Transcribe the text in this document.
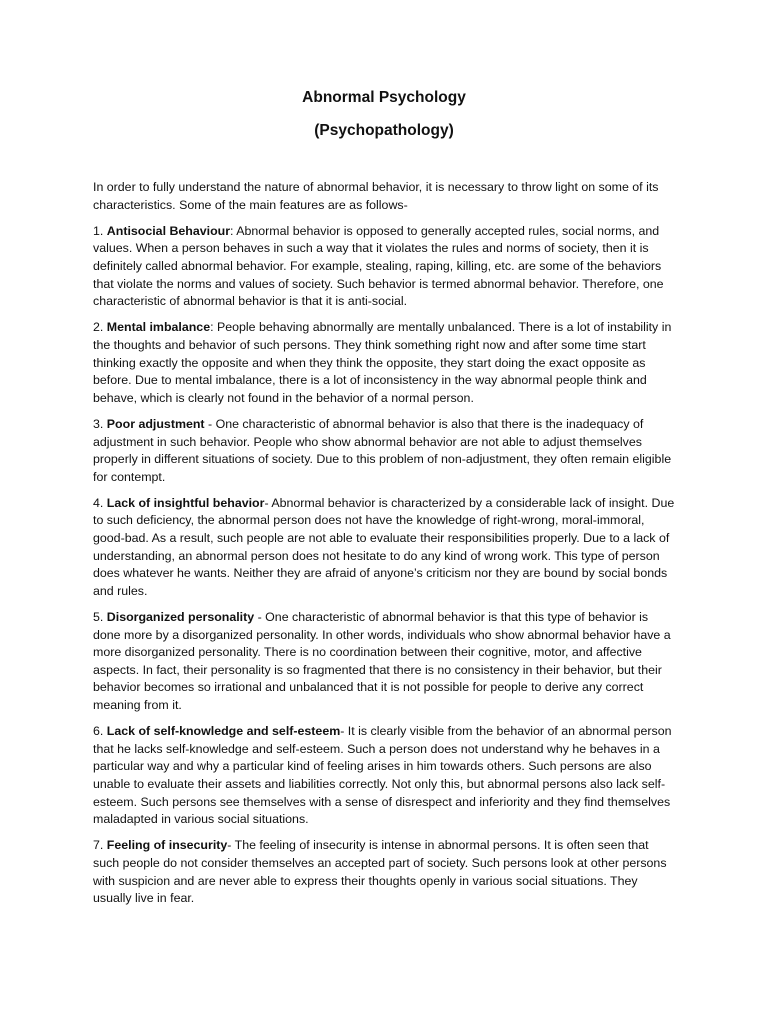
Abnormal Psychology
(Psychopathology)

In order to fully understand the nature of abnormal behavior, it is necessary to throw light on some of its characteristics. Some of the main features are as follows-

1. Antisocial Behaviour: Abnormal behavior is opposed to generally accepted rules, social norms, and values. When a person behaves in such a way that it violates the rules and norms of society, then it is definitely called abnormal behavior. For example, stealing, raping, killing, etc. are some of the behaviors that violate the norms and values of society. Such behavior is termed abnormal behavior. Therefore, one characteristic of abnormal behavior is that it is anti-social.

2. Mental imbalance: People behaving abnormally are mentally unbalanced. There is a lot of instability in the thoughts and behavior of such persons. They think something right now and after some time start thinking exactly the opposite and when they think the opposite, they start doing the exact opposite as before. Due to mental imbalance, there is a lot of inconsistency in the way abnormal people think and behave, which is clearly not found in the behavior of a normal person.

3. Poor adjustment - One characteristic of abnormal behavior is also that there is the inadequacy of adjustment in such behavior. People who show abnormal behavior are not able to adjust themselves properly in different situations of society. Due to this problem of non-adjustment, they often remain eligible for contempt.

4. Lack of insightful behavior- Abnormal behavior is characterized by a considerable lack of insight. Due to such deficiency, the abnormal person does not have the knowledge of right-wrong, moral-immoral, good-bad. As a result, such people are not able to evaluate their responsibilities properly. Due to a lack of understanding, an abnormal person does not hesitate to do any kind of wrong work. This type of person does whatever he wants. Neither they are afraid of anyone’s criticism nor they are bound by social bonds and rules.

5. Disorganized personality - One characteristic of abnormal behavior is that this type of behavior is done more by a disorganized personality. In other words, individuals who show abnormal behavior have a more disorganized personality. There is no coordination between their cognitive, motor, and affective aspects. In fact, their personality is so fragmented that there is no consistency in their behavior, but their behavior becomes so irrational and unbalanced that it is not possible for people to derive any correct meaning from it.

6. Lack of self-knowledge and self-esteem- It is clearly visible from the behavior of an abnormal person that he lacks self-knowledge and self-esteem. Such a person does not understand why he behaves in a particular way and why a particular kind of feeling arises in him towards others. Such persons are also unable to evaluate their assets and liabilities correctly. Not only this, but abnormal persons also lack self-esteem. Such persons see themselves with a sense of disrespect and inferiority and they find themselves maladapted in various social situations.

7. Feeling of insecurity- The feeling of insecurity is intense in abnormal persons. It is often seen that such people do not consider themselves an accepted part of society. Such persons look at other persons with suspicion and are never able to express their thoughts openly in various social situations. They usually live in fear.
